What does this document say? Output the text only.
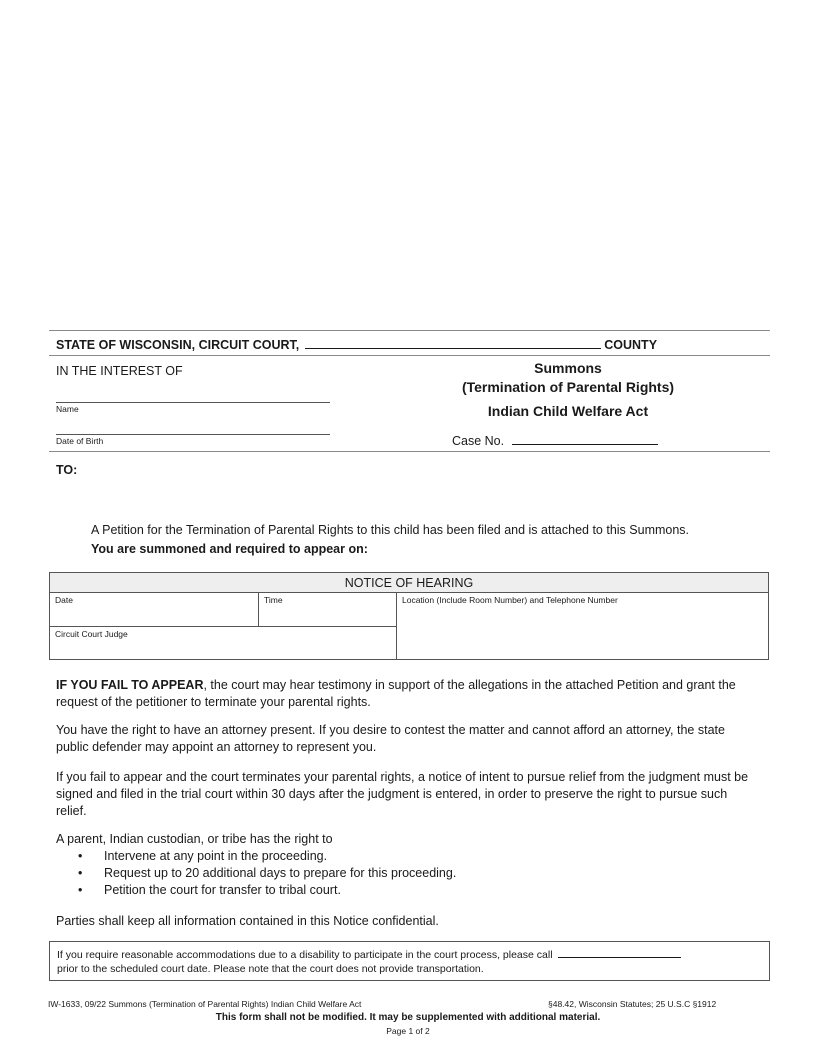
STATE OF WISCONSIN, CIRCUIT COURT,	COUNTY
IN THE INTEREST OF
Name
Date of Birth
Summons
(Termination of Parental Rights)
Indian Child Welfare Act
Case No.
TO:
A Petition for the Termination of Parental Rights to this child has been filed and is attached to this Summons.
You are summoned and required to appear on:
NOTICE OF HEARING
Date	Time	Location (Include Room Number) and Telephone Number
Circuit Court Judge
IF YOU FAIL TO APPEAR, the court may hear testimony in support of the allegations in the attached Petition and grant the request of the petitioner to terminate your parental rights.
You have the right to have an attorney present. If you desire to contest the matter and cannot afford an attorney, the state public defender may appoint an attorney to represent you.
If you fail to appear and the court terminates your parental rights, a notice of intent to pursue relief from the judgment must be signed and filed in the trial court within 30 days after the judgment is entered, in order to preserve the right to pursue such relief.
A parent, Indian custodian, or tribe has the right to
• Intervene at any point in the proceeding.
• Request up to 20 additional days to prepare for this proceeding.
• Petition the court for transfer to tribal court.
Parties shall keep all information contained in this Notice confidential.
If you require reasonable accommodations due to a disability to participate in the court process, please call
prior to the scheduled court date. Please note that the court does not provide transportation.
IW-1633, 09/22 Summons (Termination of Parental Rights) Indian Child Welfare Act	§48.42, Wisconsin Statutes; 25 U.S.C §1912
This form shall not be modified. It may be supplemented with additional material.
Page 1 of 2
